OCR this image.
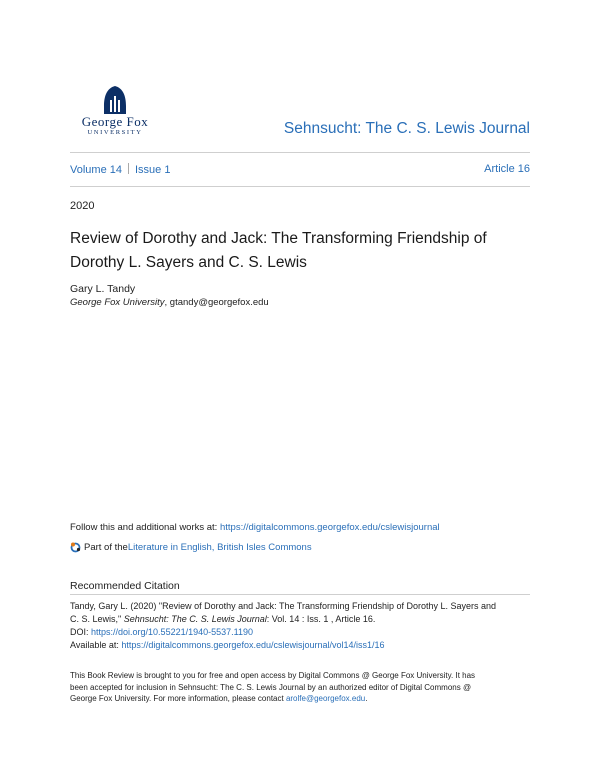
George Fox
UNIVERSITY	Sehnsucht: The C. S. Lewis Journal
Volume 14 Issue 1	Article 16
2020
Review of Dorothy and Jack: The Transforming Friendship of Dorothy L. Sayers and C. S. Lewis
Gary L. Tandy
George Fox University, gtandy@georgefox.edu
Follow this and additional works at: https://digitalcommons.georgefox.edu/cslewisjournal
Part of the Literature in English, British Isles Commons
Recommended Citation
Tandy, Gary L. (2020) "Review of Dorothy and Jack: The Transforming Friendship of Dorothy L. Sayers and
C. S. Lewis," Sehnsucht: The C. S. Lewis Journal: Vol. 14 : Iss. 1 , Article 16.
DOI: https://doi.org/10.55221/1940-5537.1190
Available at: https://digitalcommons.georgefox.edu/cslewisjournal/vol14/iss1/16
This Book Review is brought to you for free and open access by Digital Commons @ George Fox University. It has
been accepted for inclusion in Sehnsucht: The C. S. Lewis Journal by an authorized editor of Digital Commons @
George Fox University. For more information, please contact arolfe@georgefox.edu.
